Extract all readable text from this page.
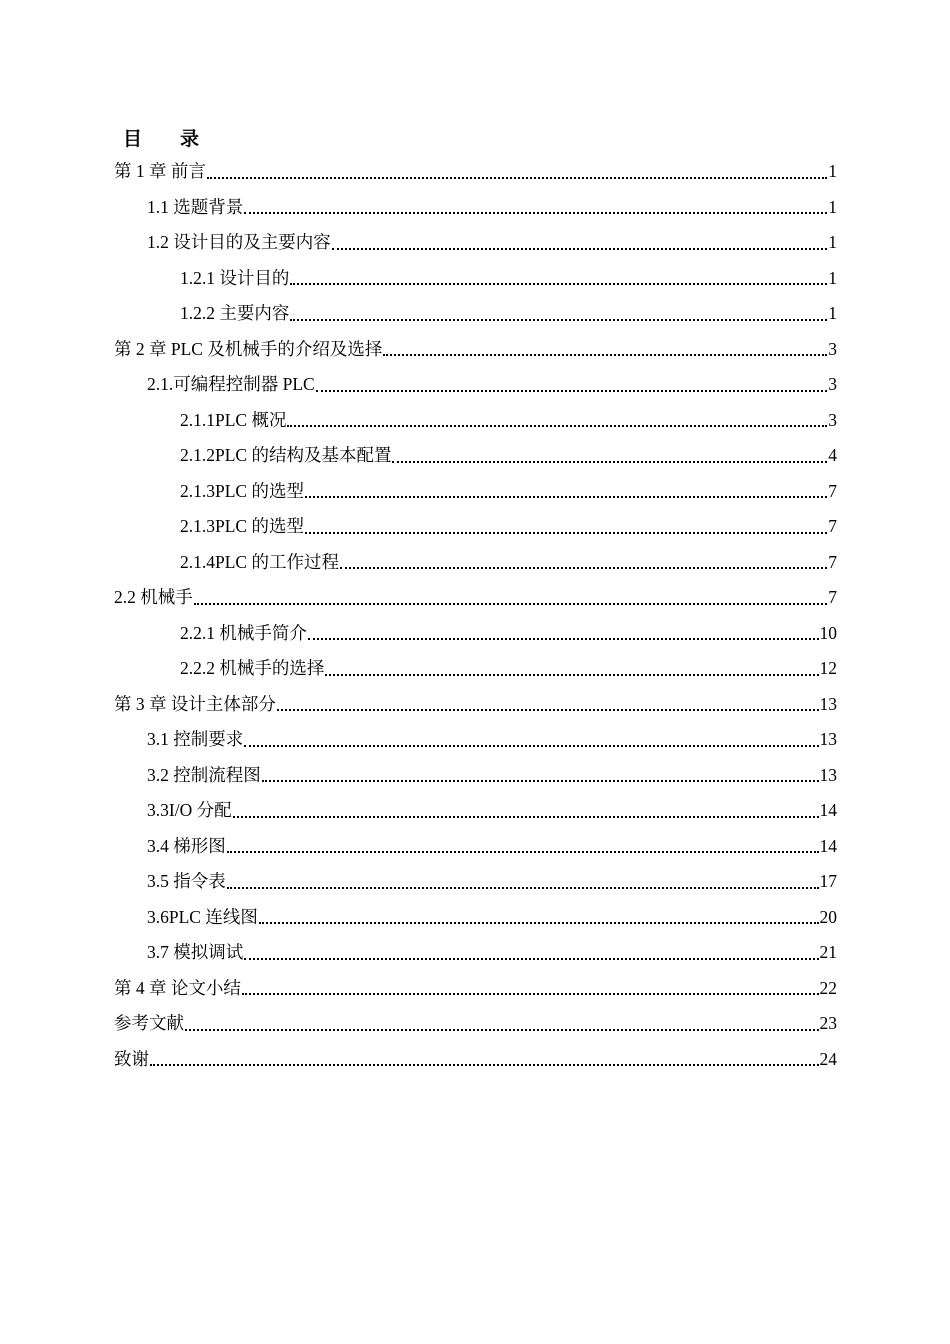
目 录
第 1 章 前言	1
1.1 选题背景	1
1.2 设计目的及主要内容	1
1.2.1 设计目的	1
1.2.2 主要内容	1
第 2 章 PLC 及机械手的介绍及选择	3
2.1.可编程控制器 PLC	3
2.1.1PLC 概况	3
2.1.2PLC 的结构及基本配置	4
2.1.3PLC 的选型	7
2.1.3PLC 的选型	7
2.1.4PLC 的工作过程	7
2.2 机械手	7
2.2.1 机械手简介	10
2.2.2 机械手的选择	12
第 3 章 设计主体部分	13
3.1 控制要求	13
3.2 控制流程图	13
3.3I/O 分配	14
3.4 梯形图	14
3.5 指令表	17
3.6PLC 连线图	20
3.7 模拟调试	21
第 4 章 论文小结	22
参考文献	23
致谢	24
